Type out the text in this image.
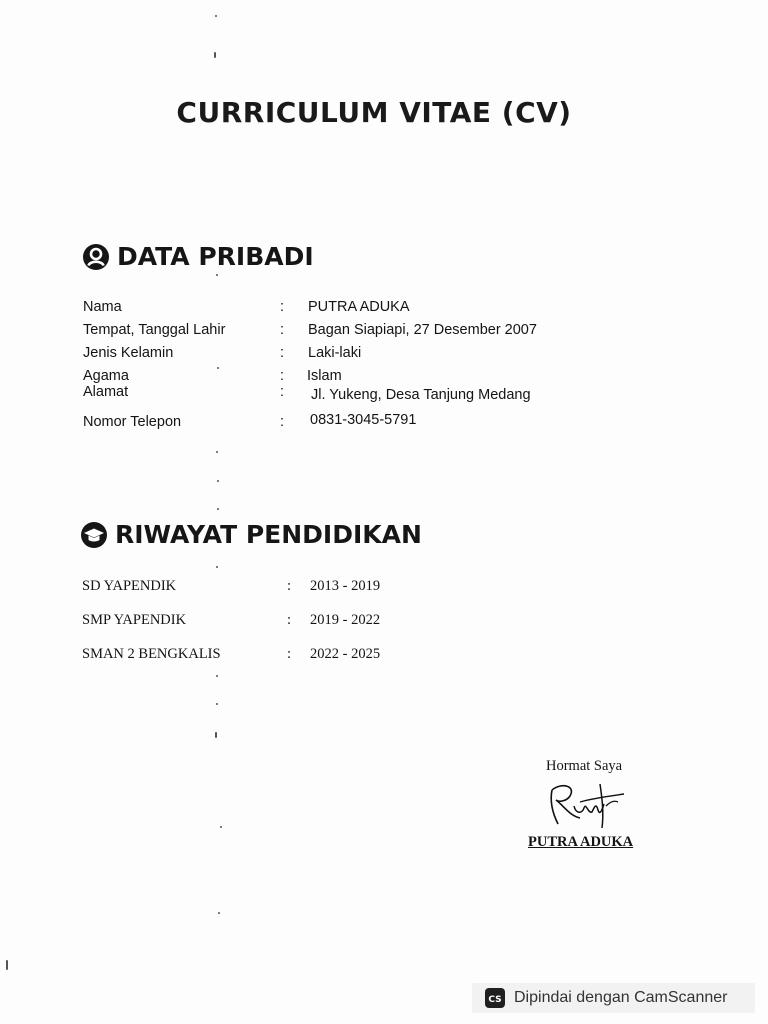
CURRICULUM VITAE (CV)
DATA PRIBADI
Nama	: PUTRA ADUKA
Tempat, Tanggal Lahir	: Bagan Siapiapi, 27 Desember 2007
Jenis Kelamin	: Laki-laki
Agama	: Islam
Alamat	: Jl. Yukeng, Desa Tanjung Medang
Nomor Telepon	: 0831-3045-5791
RIWAYAT PENDIDIKAN
SD YAPENDIK	: 2013 - 2019
SMP YAPENDIK	: 2019 - 2022
SMAN 2 BENGKALIS	: 2022 - 2025
Hormat Saya
PUTRA ADUKA
CS Dipindai dengan CamScanner
